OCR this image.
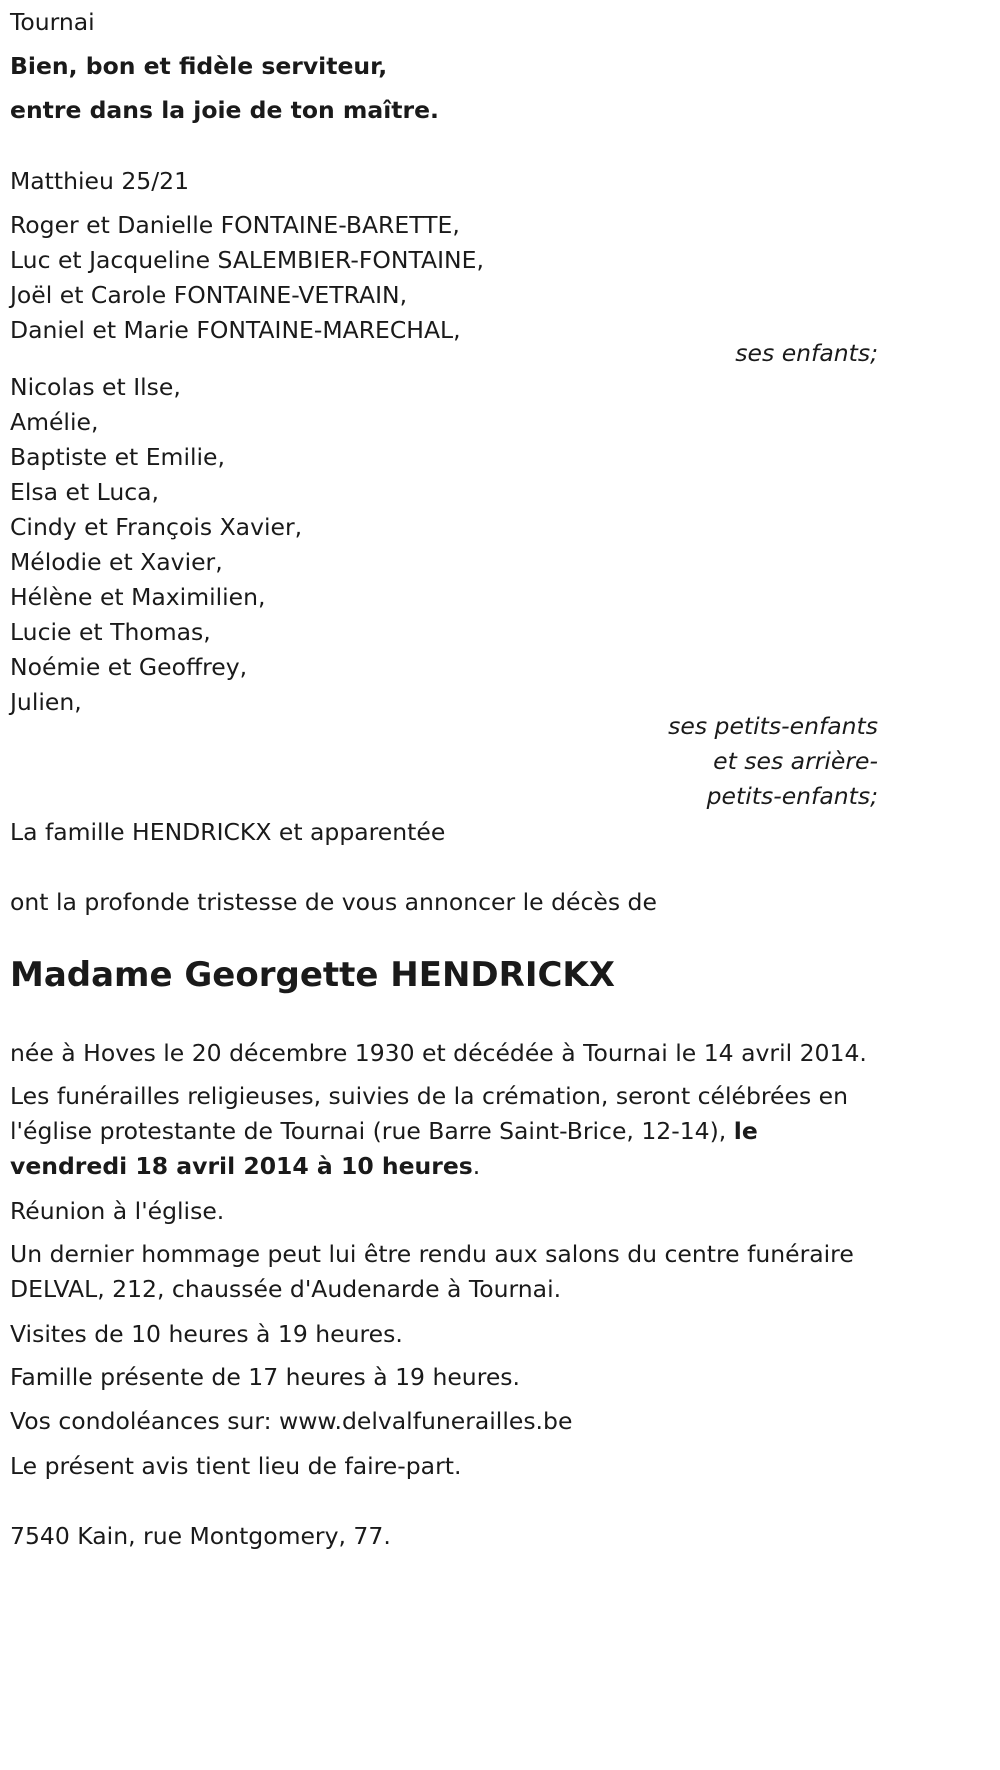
Tournai
Bien, bon et fidèle serviteur,
entre dans la joie de ton maître.
Matthieu 25/21
Roger et Danielle FONTAINE-BARETTE,
Luc et Jacqueline SALEMBIER-FONTAINE,
Joël et Carole FONTAINE-VETRAIN,
Daniel et Marie FONTAINE-MARECHAL,
ses enfants;
Nicolas et Ilse,
Amélie,
Baptiste et Emilie,
Elsa et Luca,
Cindy et François Xavier,
Mélodie et Xavier,
Hélène et Maximilien,
Lucie et Thomas,
Noémie et Geoffrey,
Julien,
ses petits-enfants
et ses arrière-
petits-enfants;
La famille HENDRICKX et apparentée
ont la profonde tristesse de vous annoncer le décès de
Madame Georgette HENDRICKX
née à Hoves le 20 décembre 1930 et décédée à Tournai le 14 avril 2014.
Les funérailles religieuses, suivies de la crémation, seront célébrées en l'église protestante de Tournai (rue Barre Saint-Brice, 12-14), le vendredi 18 avril 2014 à 10 heures.
Réunion à l'église.
Un dernier hommage peut lui être rendu aux salons du centre funéraire DELVAL, 212, chaussée d'Audenarde à Tournai.
Visites de 10 heures à 19 heures.
Famille présente de 17 heures à 19 heures.
Vos condoléances sur: www.delvalfunerailles.be
Le présent avis tient lieu de faire-part.
7540 Kain, rue Montgomery, 77.
